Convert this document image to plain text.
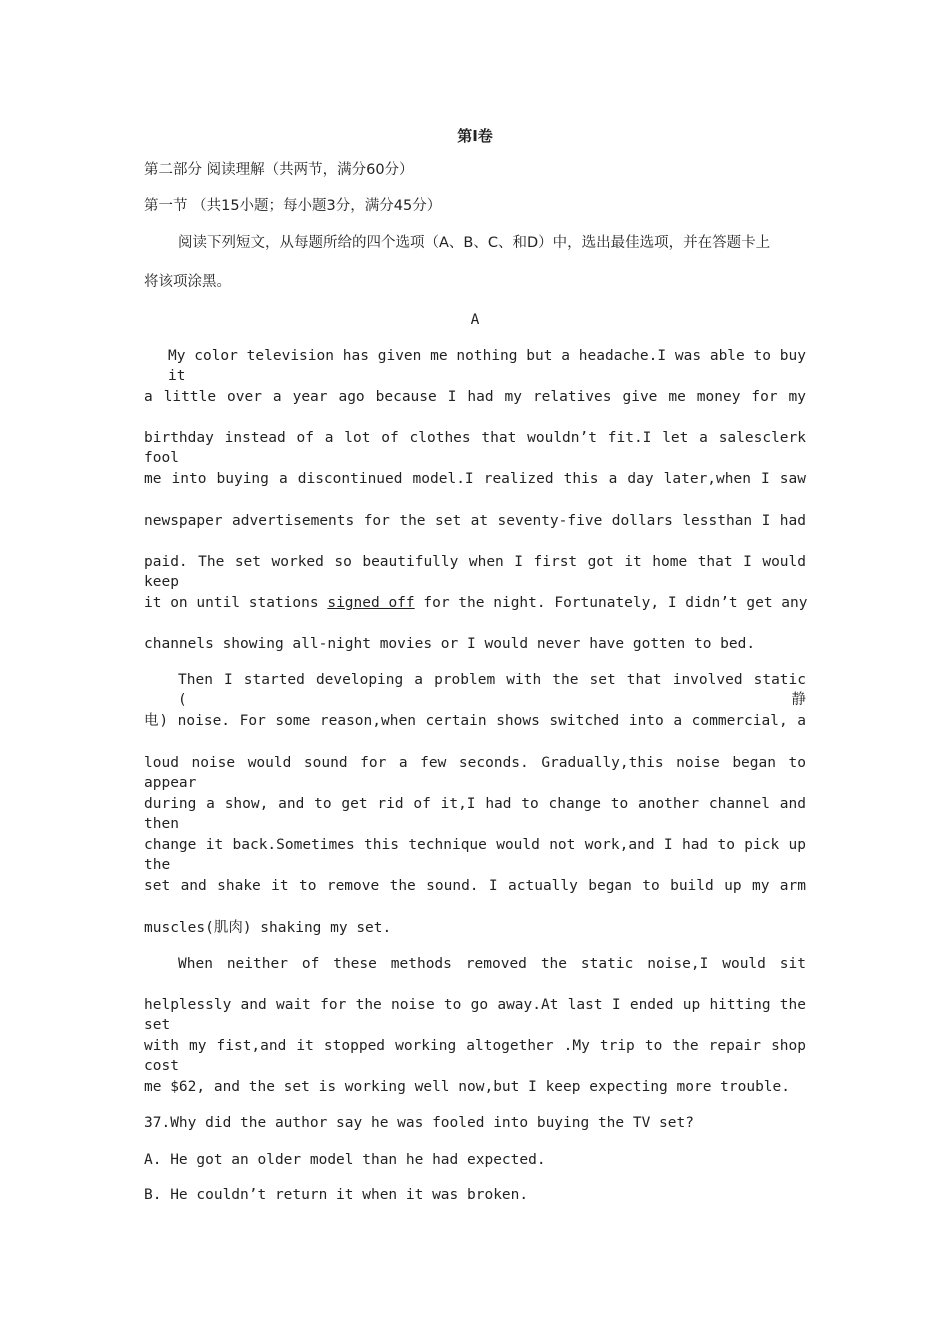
第Ⅰ卷
第二部分 阅读理解（共两节，满分60分）
第一节 （共15小题；每小题3分，满分45分）
阅读下列短文，从每题所给的四个选项（A、B、C、和D）中，选出最佳选项，并在答题卡上
将该项涂黑。
A
My color television has given me nothing but a headache.I was able to buy it
a little over a year ago because I had my relatives give me money for my
birthday instead of a lot of clothes that wouldn’t fit.I let a salesclerk fool
me into buying a discontinued model.I realized this a day later,when I saw
newspaper advertisements for the set at seventy-five dollars lessthan I had
paid. The set worked so beautifully when I first got it home that I would keep
it on until stations signed off for the night. Fortunately, I didn’t get any
channels showing all-night movies or I would never have gotten to bed.
Then I started developing a problem with the set that involved static (静
电) noise. For some reason,when certain shows switched into a commercial, a
loud noise would sound for a few seconds. Gradually,this noise began to appear
during a show, and to get rid of it,I had to change to another channel and then
change it back.Sometimes this technique would not work,and I had to pick up the
set and shake it to remove the sound. I actually began to build up my arm
muscles(肌肉) shaking my set.
When neither of these methods removed the static noise,I would sit
helplessly and wait for the noise to go away.At last I ended up hitting the set
with my fist,and it stopped working altogether .My trip to the repair shop cost
me $62, and the set is working well now,but I keep expecting more trouble.
37.Why did the author say he was fooled into buying the TV set?
A. He got an older model than he had expected.
B. He couldn’t return it when it was broken.
